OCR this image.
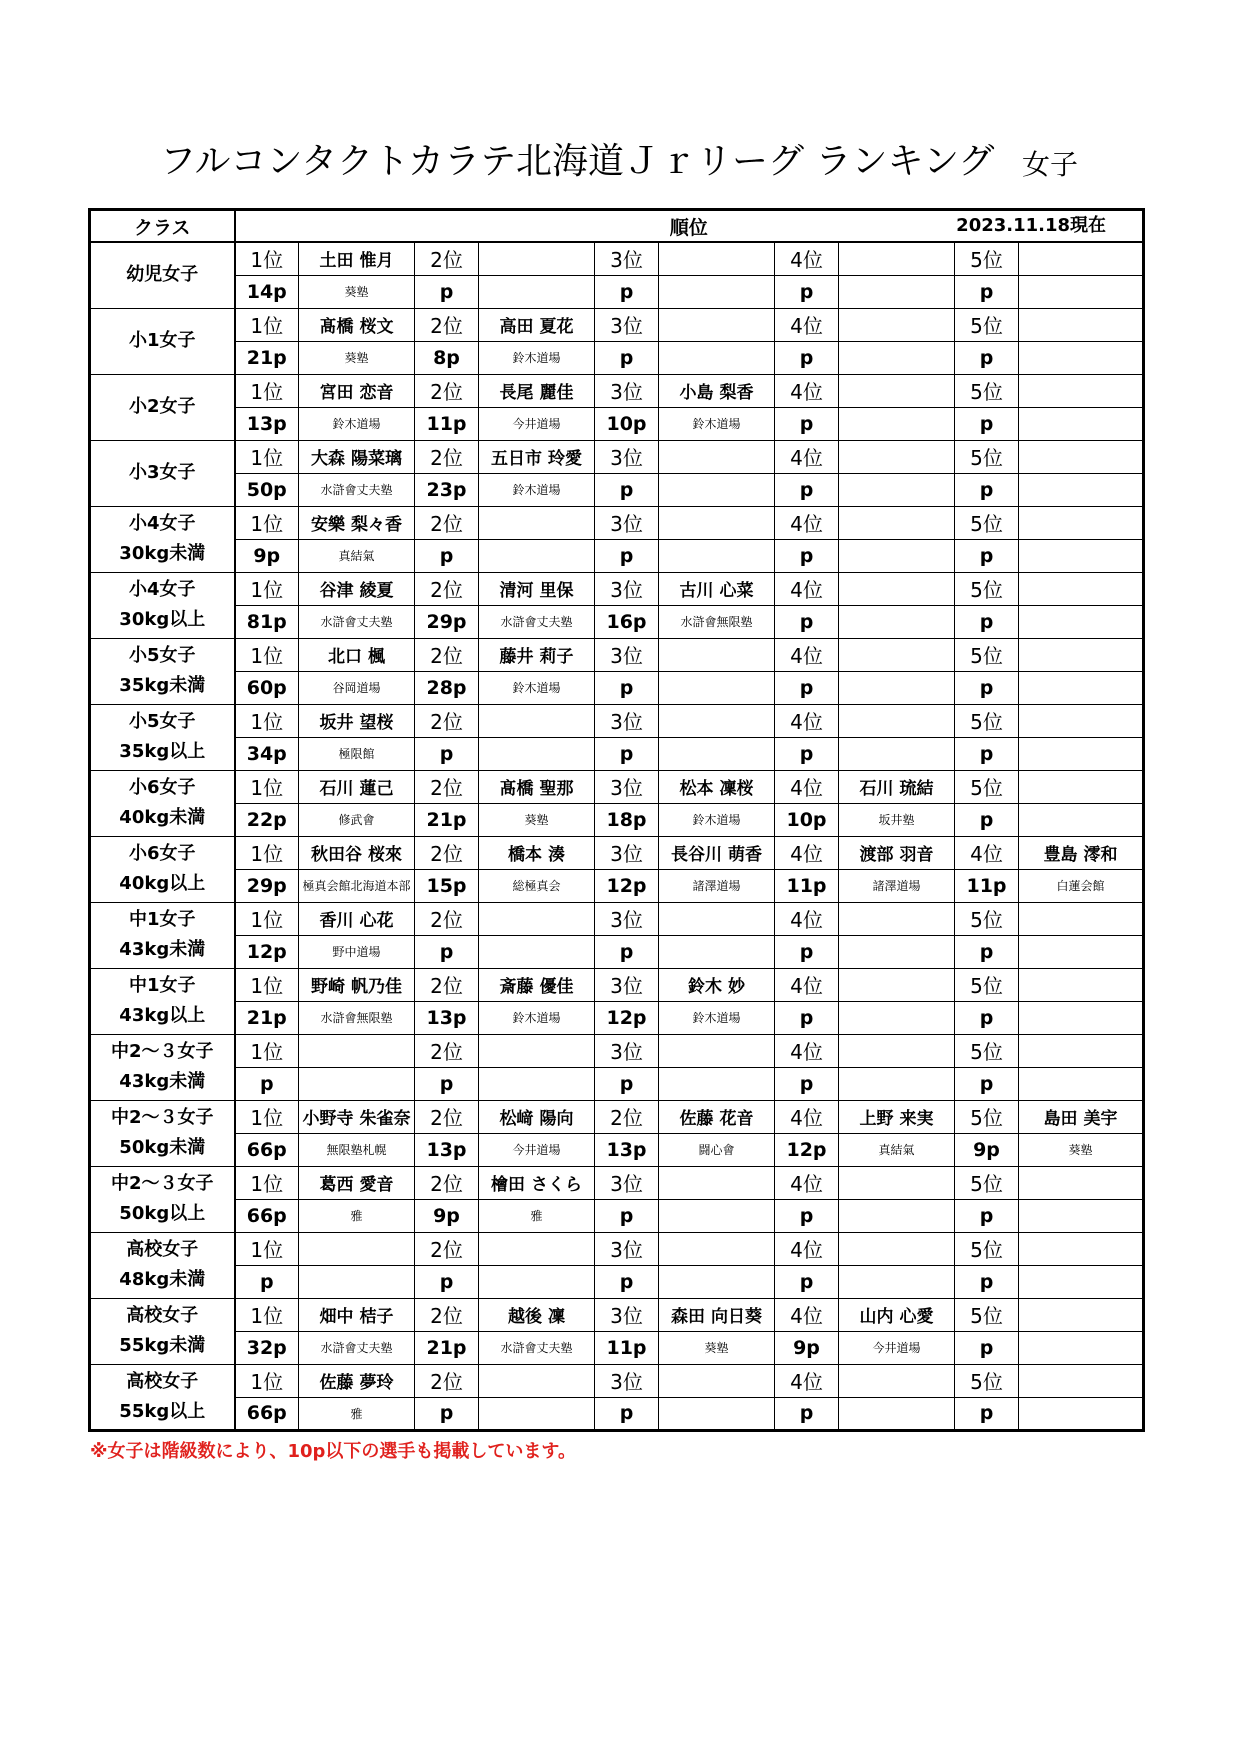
フルコンタクトカラテ北海道Ｊｒリーグ ランキング 女子
クラス	順位 2023.11.18現在									

幼児女子	1位	土田 惟月	2位		3位		4位		5位	
	14p	葵塾	p		p		p		p	

小1女子	1位	髙橋 桜文	2位	高田 夏花	3位		4位		5位	
	21p	葵塾	8p	鈴木道場	p		p		p	

小2女子	1位	宮田 恋音	2位	長尾 麗佳	3位	小島 梨香	4位		5位	
	13p	鈴木道場	11p	今井道場	10p	鈴木道場	p		p	

小3女子	1位	大森 陽菜璃	2位	五日市 玲愛	3位		4位		5位	
	50p	水滸會丈夫塾	23p	鈴木道場	p		p		p	

小4女子
30kg未満	1位	安樂 梨々香	2位		3位		4位		5位	
	9p	真結氣	p		p		p		p	

小4女子
30kg以上	1位	谷津 綾夏	2位	清河 里保	3位	古川 心菜	4位		5位	
	81p	水滸會丈夫塾	29p	水滸會丈夫塾	16p	水滸會無限塾	p		p	

小5女子
35kg未満	1位	北口 楓	2位	藤井 莉子	3位		4位		5位	
	60p	谷岡道場	28p	鈴木道場	p		p		p	

小5女子
35kg以上	1位	坂井 望桜	2位		3位		4位		5位	
	34p	極限館	p		p		p		p	

小6女子
40kg未満	1位	石川 蓮己	2位	髙橋 聖那	3位	松本 凜桜	4位	石川 琉結	5位	
	22p	修武會	21p	葵塾	18p	鈴木道場	10p	坂井塾	p	

小6女子
40kg以上	1位	秋田谷 桜來	2位	橋本 湊	3位	長谷川 萌香	4位	渡部 羽音	4位	豊島 澪和
	29p	極真会館北海道本部	15p	総極真会	12p	諸澤道場	11p	諸澤道場	11p	白蓮会館

中1女子
43kg未満	1位	香川 心花	2位		3位		4位		5位	
	12p	野中道場	p		p		p		p	

中1女子
43kg以上	1位	野崎 帆乃佳	2位	斎藤 優佳	3位	鈴木 妙	4位		5位	
	21p	水滸會無限塾	13p	鈴木道場	12p	鈴木道場	p		p	

中2～３女子
43kg未満	1位		2位		3位		4位		5位	
	p		p		p		p		p	

中2～３女子
50kg未満	1位	小野寺 朱雀奈	2位	松﨑 陽向	2位	佐藤 花音	4位	上野 来実	5位	島田 美宇
	66p	無限塾札幌	13p	今井道場	13p	闘心會	12p	真結氣	9p	葵塾

中2～３女子
50kg以上	1位	葛西 愛音	2位	檜田 さくら	3位		4位		5位	
	66p	雅	9p	雅	p		p		p	

高校女子
48kg未満	1位		2位		3位		4位		5位	
	p		p		p		p		p	

高校女子
55kg未満	1位	畑中 桔子	2位	越後 凜	3位	森田 向日葵	4位	山内 心愛	5位	
	32p	水滸會丈夫塾	21p	水滸會丈夫塾	11p	葵塾	9p	今井道場	p	

高校女子
55kg以上	1位	佐藤 夢玲	2位		3位		4位		5位	
	66p	雅	p		p		p		p	
※女子は階級数により、10p以下の選手も掲載しています。
